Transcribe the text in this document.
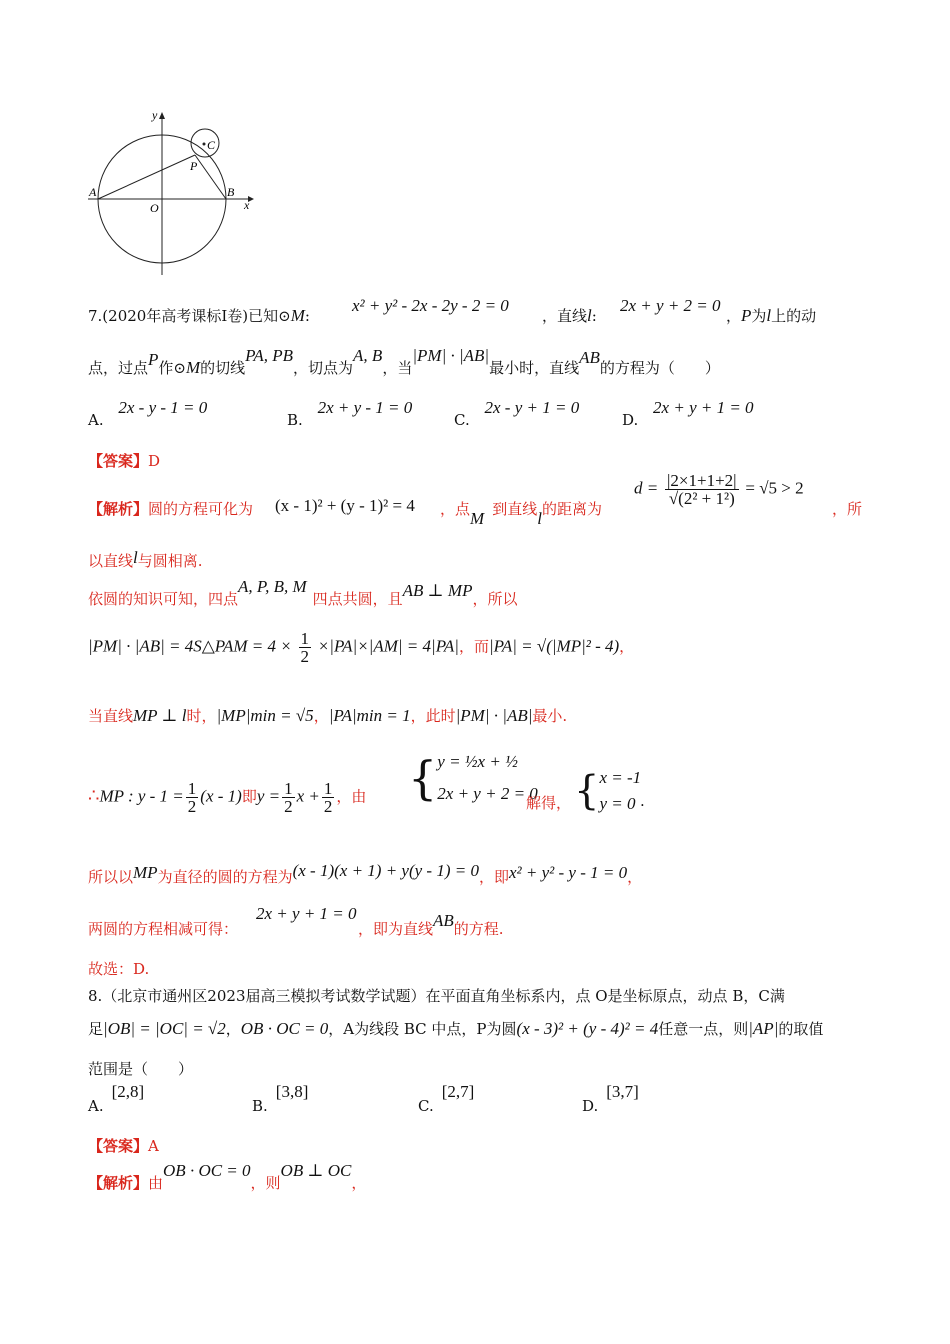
y
x
A	B
O
P
C
7.(2020年高考课标Ⅰ卷)已知⊙M:
x² + y² - 2x - 2y - 2 = 0
，直线l:
2x + y + 2 = 0
，P为l上的动
点，过点P作⊙M的切线PA, PB，切点为A, B，当|PM| · |AB|最小时，直线AB的方程为（　　）
A. 2x - y - 1 = 0
B. 2x + y - 1 = 0
C. 2x - y + 1 = 0
D. 2x + y + 1 = 0
【答案】D
【解析】圆的方程可化为 (x - 1)² + (y - 1)² = 4 ，点M 到直线l的距离为
$d = \frac{|2\times 1+1+2|}{\text{√(2² + 1²)}} = √5 > 2$
，所
以直线l与圆相离.
依圆的知识可知，四点A, P, B, M四点共圆，且AB ⊥ MP，所以
|PM| · |AB| = 4S△PAM = $4 \times \frac{1}{2} \times|PA|\times|AM| = 4|PA|$，而|PA| = √(|MP|² - 4)，
当直线MP ⊥ l时，|MP|min = √5，|PA|min = 1，此时|PM| · |AB|最小.
∴MP : $y - 1 = \frac{1}{2} (x - 1)$即$y = \frac{1}{2}$ $x + \frac{1}{2}$ ，由 { y = ½x + ½
2x + y + 2 = 0
解得， { x = -1
y = 0 .
所以以MP为直径的圆的方程为(x - 1)(x + 1) + y(y - 1) = 0，即x² + y² - y - 1 = 0，
两圆的方程相减可得：
2x + y + 1 = 0
，即为直线AB的方程.
故选：D.
8.（北京市通州区2023届高三模拟考试数学试题）在平面直角坐标系内，点 O是坐标原点，动点 B，C满
足|OB| = |OC| = √2，OB · OC = 0，A为线段 BC 中点，P为圆(x - 3)² + (y - 4)² = 4任意一点，则|AP|的取值
范围是（　　）
A.[2,8]
B.[3,8]
C.[2,7]
D.[3,7]
【答案】A
【解析】由OB · OC = 0，则OB ⊥ OC，
